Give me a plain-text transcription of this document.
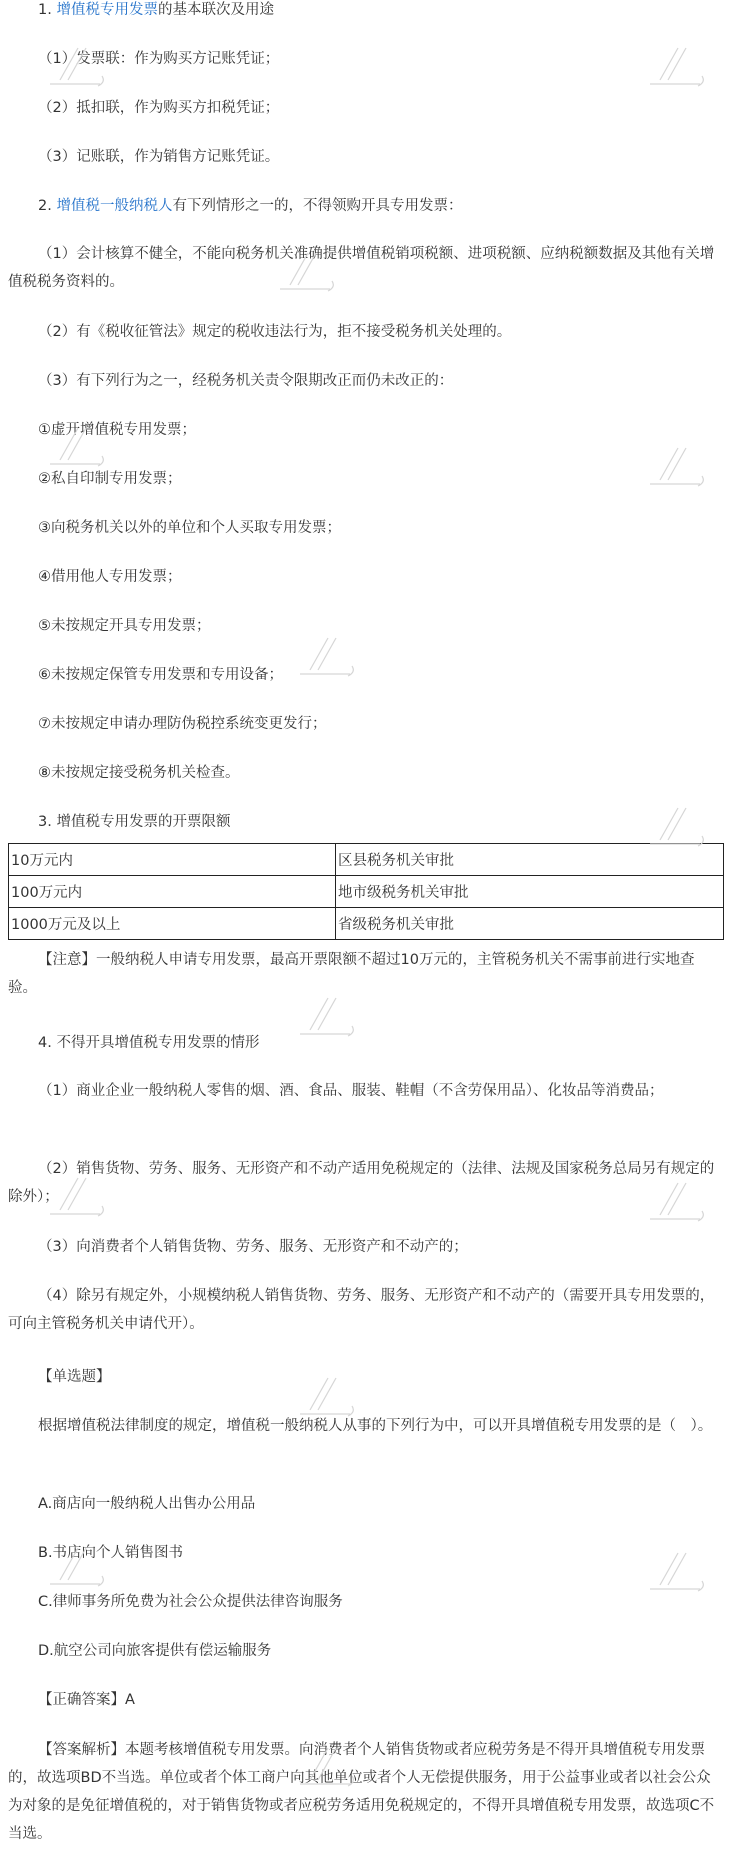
1. 增值税专用发票的基本联次及用途

（1）发票联：作为购买方记账凭证；

（2）抵扣联，作为购买方扣税凭证；

（3）记账联，作为销售方记账凭证。

2. 增值税一般纳税人有下列情形之一的，不得领购开具专用发票：

（1）会计核算不健全，不能向税务机关准确提供增值税销项税额、进项税额、应纳税额数据及其他有关增值税税务资料的。

（2）有《税收征管法》规定的税收违法行为，拒不接受税务机关处理的。

（3）有下列行为之一，经税务机关责令限期改正而仍未改正的：

①虚开增值税专用发票；

②私自印制专用发票；

③向税务机关以外的单位和个人买取专用发票；

④借用他人专用发票；

⑤未按规定开具专用发票；

⑥未按规定保管专用发票和专用设备；

⑦未按规定申请办理防伪税控系统变更发行；

⑧未按规定接受税务机关检查。

3. 增值税专用发票的开票限额

10万元内	区县税务机关审批
100万元内	地市级税务机关审批
1000万元及以上	省级税务机关审批

【注意】一般纳税人申请专用发票，最高开票限额不超过10万元的，主管税务机关不需事前进行实地查验。

4. 不得开具增值税专用发票的情形

（1）商业企业一般纳税人零售的烟、酒、食品、服装、鞋帽（不含劳保用品）、化妆品等消费品；

（2）销售货物、劳务、服务、无形资产和不动产适用免税规定的（法律、法规及国家税务总局另有规定的除外）；

（3）向消费者个人销售货物、劳务、服务、无形资产和不动产的；

（4）除另有规定外，小规模纳税人销售货物、劳务、服务、无形资产和不动产的（需要开具专用发票的，可向主管税务机关申请代开）。

【单选题】

根据增值税法律制度的规定，增值税一般纳税人从事的下列行为中，可以开具增值税专用发票的是（　）。

A.商店向一般纳税人出售办公用品

B.书店向个人销售图书

C.律师事务所免费为社会公众提供法律咨询服务

D.航空公司向旅客提供有偿运输服务

【正确答案】A

【答案解析】本题考核增值税专用发票。向消费者个人销售货物或者应税劳务是不得开具增值税专用发票的，故选项BD不当选。单位或者个体工商户向其他单位或者个人无偿提供服务，用于公益事业或者以社会公众为对象的是免征增值税的，对于销售货物或者应税劳务适用免税规定的，不得开具增值税专用发票，故选项C不当选。
